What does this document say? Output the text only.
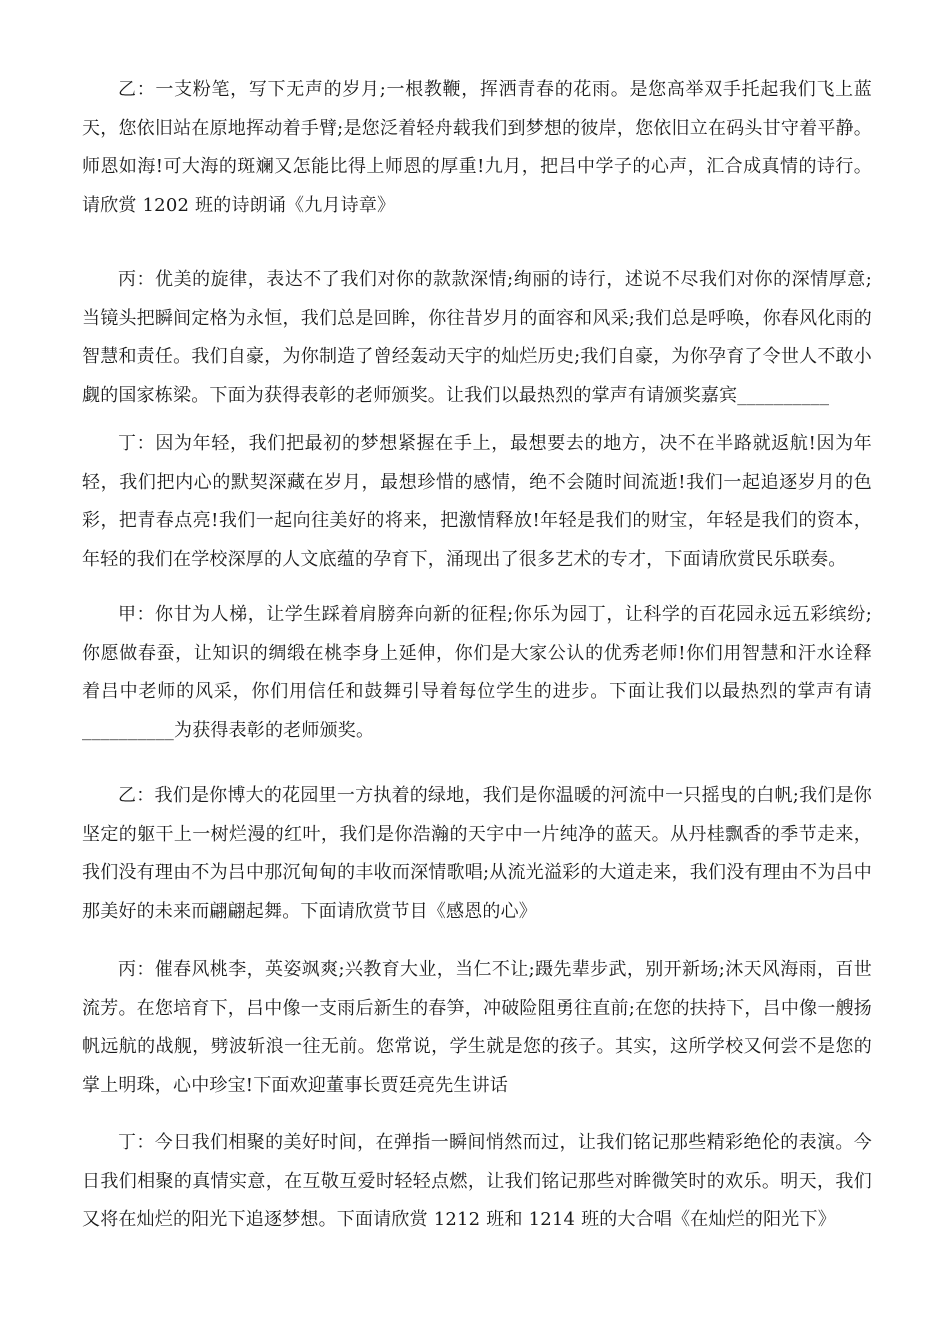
乙：一支粉笔，写下无声的岁月;一根教鞭，挥洒青春的花雨。是您高举双手托起我们飞上蓝天，您依旧站在原地挥动着手臂;是您泛着轻舟载我们到梦想的彼岸，您依旧立在码头甘守着平静。师恩如海!可大海的斑斓又怎能比得上师恩的厚重!九月，把吕中学子的心声，汇合成真情的诗行。请欣赏 1202 班的诗朗诵《九月诗章》

丙：优美的旋律，表达不了我们对你的款款深情;绚丽的诗行，述说不尽我们对你的深情厚意;当镜头把瞬间定格为永恒，我们总是回眸，你往昔岁月的面容和风采;我们总是呼唤，你春风化雨的智慧和责任。我们自豪，为你制造了曾经轰动天宇的灿烂历史;我们自豪，为你孕育了令世人不敢小觑的国家栋梁。下面为获得表彰的老师颁奖。让我们以最热烈的掌声有请颁奖嘉宾__________

丁：因为年轻，我们把最初的梦想紧握在手上，最想要去的地方，决不在半路就返航!因为年轻，我们把内心的默契深藏在岁月，最想珍惜的感情，绝不会随时间流逝!我们一起追逐岁月的色彩，把青春点亮!我们一起向往美好的将来，把激情释放!年轻是我们的财宝，年轻是我们的资本，年轻的我们在学校深厚的人文底蕴的孕育下，涌现出了很多艺术的专才，下面请欣赏民乐联奏。

甲：你甘为人梯，让学生踩着肩膀奔向新的征程;你乐为园丁，让科学的百花园永远五彩缤纷;你愿做春蚕，让知识的绸缎在桃李身上延伸，你们是大家公认的优秀老师!你们用智慧和汗水诠释着吕中老师的风采，你们用信任和鼓舞引导着每位学生的进步。下面让我们以最热烈的掌声有请__________为获得表彰的老师颁奖。

乙：我们是你博大的花园里一方执着的绿地，我们是你温暖的河流中一只摇曳的白帆;我们是你坚定的躯干上一树烂漫的红叶，我们是你浩瀚的天宇中一片纯净的蓝天。从丹桂飘香的季节走来，我们没有理由不为吕中那沉甸甸的丰收而深情歌唱;从流光溢彩的大道走来，我们没有理由不为吕中那美好的未来而翩翩起舞。下面请欣赏节目《感恩的心》

丙：催春风桃李，英姿飒爽;兴教育大业，当仁不让;蹑先辈步武，别开新场;沐天风海雨，百世流芳。在您培育下，吕中像一支雨后新生的春笋，冲破险阻勇往直前;在您的扶持下，吕中像一艘扬帆远航的战舰，劈波斩浪一往无前。您常说，学生就是您的孩子。其实，这所学校又何尝不是您的掌上明珠，心中珍宝!下面欢迎董事长贾廷亮先生讲话

丁：今日我们相聚的美好时间，在弹指一瞬间悄然而过，让我们铭记那些精彩绝伦的表演。今日我们相聚的真情实意，在互敬互爱时轻轻点燃，让我们铭记那些对眸微笑时的欢乐。明天，我们又将在灿烂的阳光下追逐梦想。下面请欣赏 1212 班和 1214 班的大合唱《在灿烂的阳光下》
